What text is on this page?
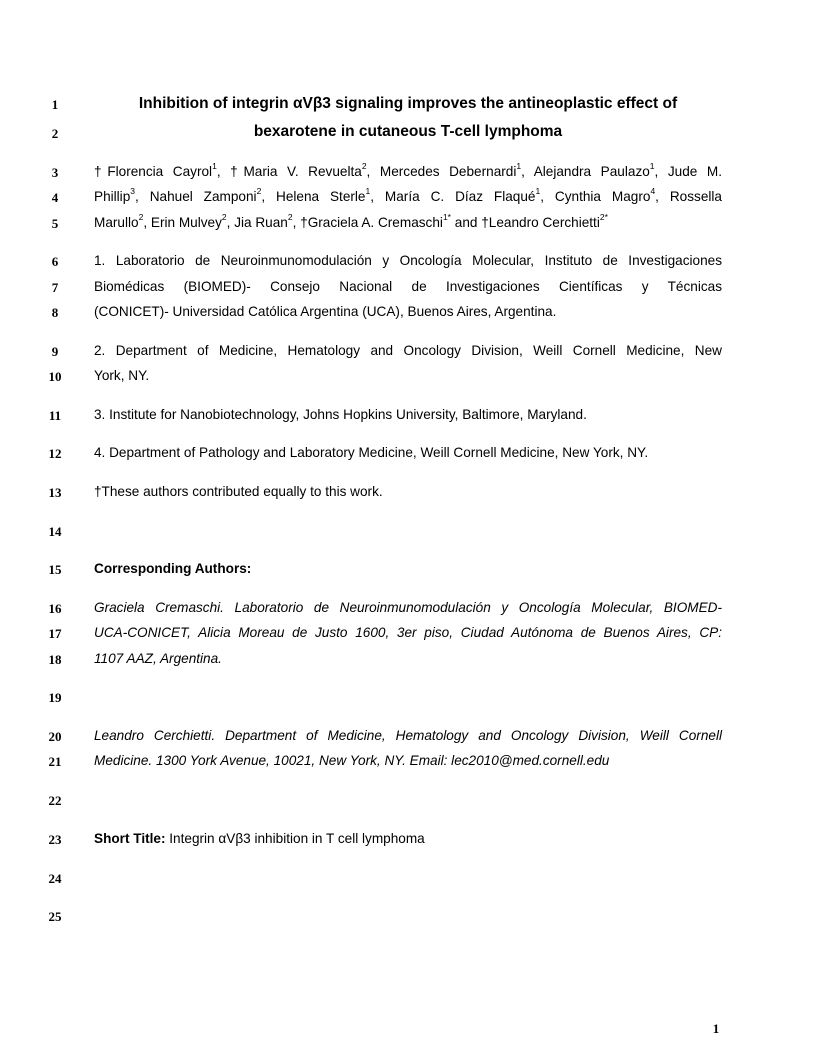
1
2
3
4
5
6
7
8
9
10
11
12
13
14
15
16
17
18
19
20
21
22
23
24
25
Inhibition of integrin αVβ3 signaling improves the antineoplastic effect of
bexarotene in cutaneous T-cell lymphoma
†Florencia Cayrol$^1$, †Maria V. Revuelta$^2$, Mercedes Debernardi$^1$, Alejandra Paulazo$^1$, Jude M.
Phillip$^3$, Nahuel Zamponi$^2$, Helena Sterle$^1$, María C. Díaz Flaqué$^1$, Cynthia Magro$^4$, Rossella
Marullo$^2$, Erin Mulvey$^2$, Jia Ruan$^2$, †Graciela A. Cremaschi$^{1*}$ and †Leandro Cerchietti$^{2*}$
1. Laboratorio de Neuroinmunomodulación y Oncología Molecular, Instituto de Investigaciones
Biomédicas (BIOMED)- Consejo Nacional de Investigaciones Científicas y Técnicas
(CONICET)- Universidad Católica Argentina (UCA), Buenos Aires, Argentina.
2. Department of Medicine, Hematology and Oncology Division, Weill Cornell Medicine, New
York, NY.
3. Institute for Nanobiotechnology, Johns Hopkins University, Baltimore, Maryland.
4. Department of Pathology and Laboratory Medicine, Weill Cornell Medicine, New York, NY.
†These authors contributed equally to this work.
Corresponding Authors:
Graciela Cremaschi. Laboratorio de Neuroinmunomodulación y Oncología Molecular, BIOMED-
UCA-CONICET, Alicia Moreau de Justo 1600, 3er piso, Ciudad Autónoma de Buenos Aires, CP:
1107 AAZ, Argentina.
Leandro Cerchietti. Department of Medicine, Hematology and Oncology Division, Weill Cornell
Medicine. 1300 York Avenue, 10021, New York, NY. Email: lec2010@med.cornell.edu
Short Title: Integrin αVβ3 inhibition in T cell lymphoma
1
